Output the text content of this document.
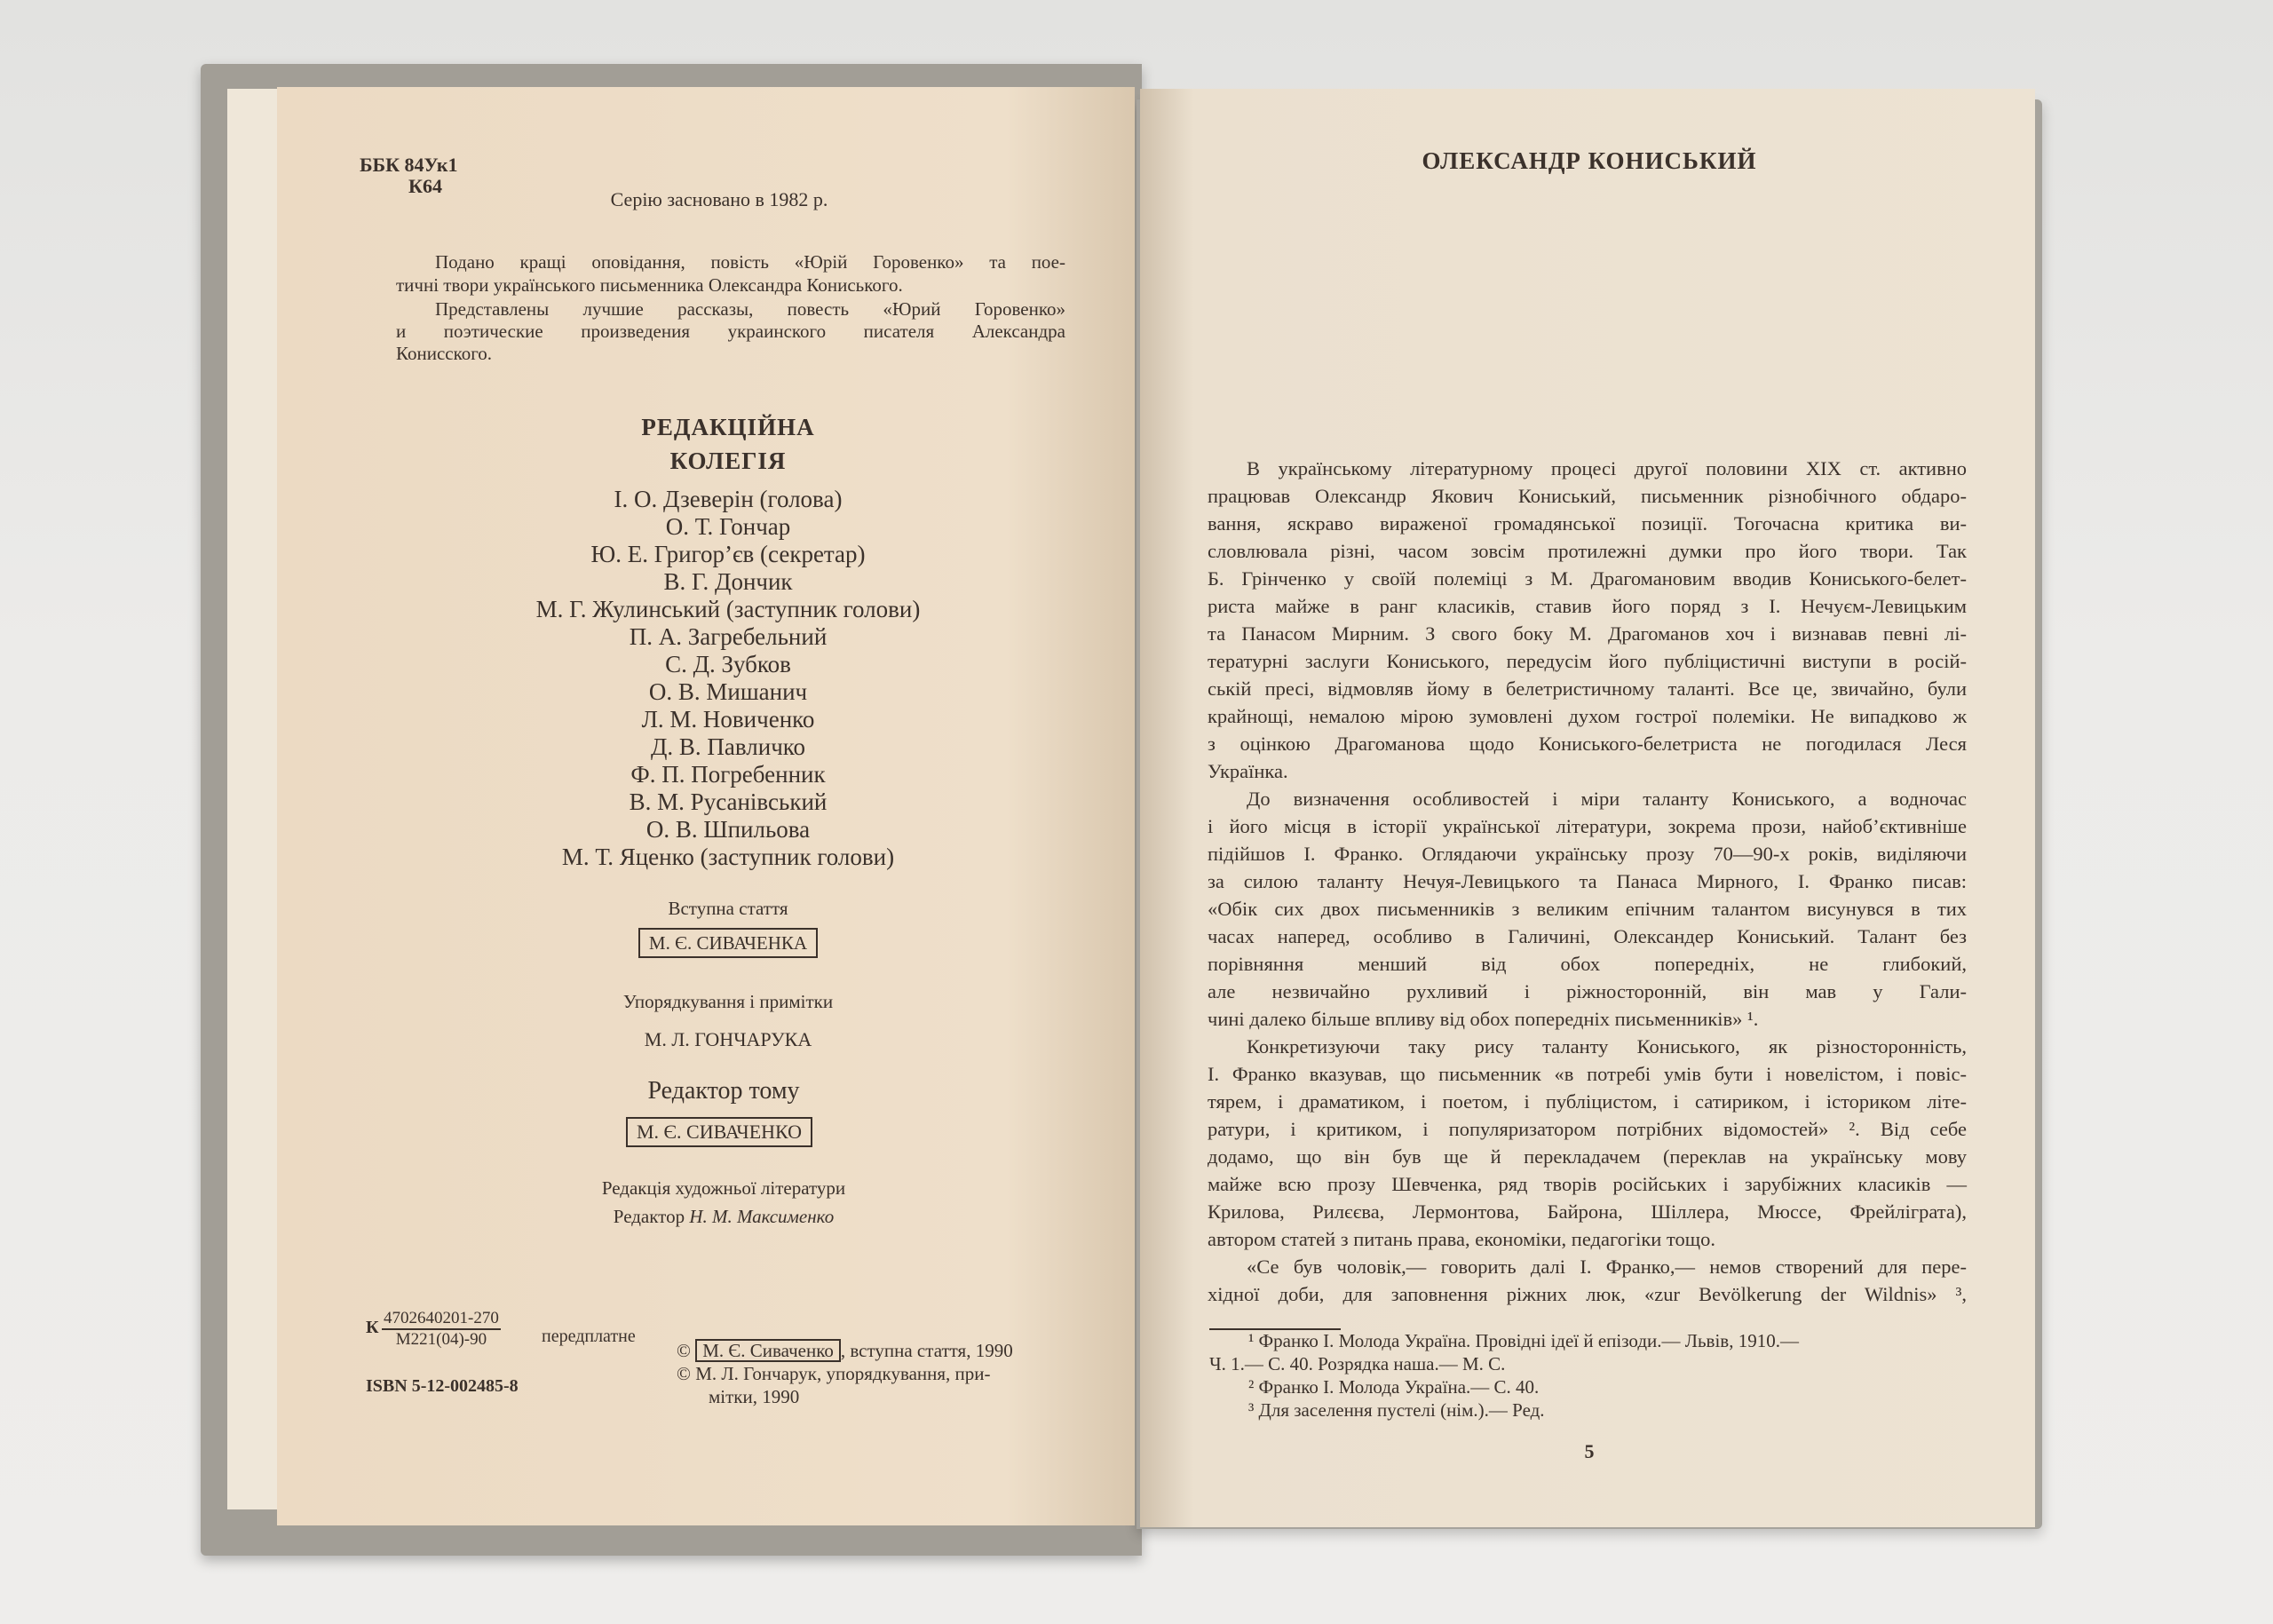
ББК 84Ук1
К64
Серію засновано в 1982 р.
Подано кращі оповідання, повість «Юрій Горовенко» та пое-
тичні твори українського письменника Олександра Кониського.
Представлены лучшие рассказы, повесть «Юрий Горовенко»
и поэтические произведения украинского писателя Александра
Конисского.
РЕДАКЦІЙНА
КОЛЕГІЯ
І. О. Дзеверін (голова)
О. Т. Гончар
Ю. Е. Григор’єв (секретар)
В. Г. Дончик
М. Г. Жулинський (заступник голови)
П. А. Загребельний
С. Д. Зубков
О. В. Мишанич
Л. М. Новиченко
Д. В. Павличко
Ф. П. Погребенник
В. М. Русанівський
О. В. Шпильова
М. Т. Яценко (заступник голови)
Вступна стаття
М. Є. СИВАЧЕНКА
Упорядкування і примітки
М. Л. ГОНЧАРУКА
Редактор тому
М. Є. СИВАЧЕНКО
Редакція художньої літератури
Редактор Н. М. Максименко
К 4702640201-270
М221(04)-90	передплатне
ISBN 5-12-002485-8
© М. Є. Сиваченко , вступна стаття, 1990
© М. Л. Гончарук, упорядкування, при-
мітки, 1990
ОЛЕКСАНДР КОНИСЬКИЙ
В українському літературному процесі другої половини XIX ст. активно
працював Олександр Якович Кониський, письменник різнобічного обдаро-
вання, яскраво вираженої громадянської позиції. Тогочасна критика ви-
словлювала різні, часом зовсім протилежні думки про його твори. Так
Б. Грінченко у своїй полеміці з М. Драгомановим вводив Кониського-белет-
риста майже в ранг класиків, ставив його поряд з І. Нечуєм-Левицьким
та Панасом Мирним. З свого боку М. Драгоманов хоч і визнавав певні лі-
тературні заслуги Кониського, передусім його публіцистичні виступи в росій-
ській пресі, відмовляв йому в белетристичному таланті. Все це, звичайно, були
крайнощі, немалою мірою зумовлені духом гострої полеміки. Не випадково ж
з оцінкою Драгоманова щодо Кониського-белетриста не погодилася Леся
Українка.
До визначення особливостей і міри таланту Кониського, а водночас
і його місця в історії української літератури, зокрема прози, найоб’єктивніше
підійшов І. Франко. Оглядаючи українську прозу 70—90-х років, виділяючи
за силою таланту Нечуя-Левицького та Панаса Мирного, І. Франко писав:
«Обік сих двох письменників з великим епічним талантом висунувся в тих
часах наперед, особливо в Галичині, Олександер Кониський. Талант без
порівняння менший від обох попередніх, не глибокий,
але незвичайно рухливий і ріжносторонній, він мав у Гали-
чині далеко більше впливу від обох попередніх письменників» ¹.
Конкретизуючи таку рису таланту Кониського, як різносторонність,
І. Франко вказував, що письменник «в потребі умів бути і новелістом, і повіс-
тярем, і драматиком, і поетом, і публіцистом, і сатириком, і істориком літе-
ратури, і критиком, і популяризатором потрібних відомостей» ². Від себе
додамо, що він був ще й перекладачем (переклав на українську мову
майже всю прозу Шевченка, ряд творів російських і зарубіжних класиків —
Крилова, Рилєєва, Лермонтова, Байрона, Шіллера, Мюссе, Фрейліграта),
автором статей з питань права, економіки, педагогіки тощо.
«Се був чоловік,— говорить далі І. Франко,— немов створений для пере-
хідної доби, для заповнення ріжних люк, «zur Bevölkerung der Wildnis» ³,
¹ Франко І. Молода Україна. Провідні ідеї й епізоди.— Львів, 1910.—
Ч. 1.— С. 40. Розрядка наша.— М. С.
² Франко І. Молода Україна.— С. 40.
³ Для заселення пустелі (нім.).— Ред.
5
